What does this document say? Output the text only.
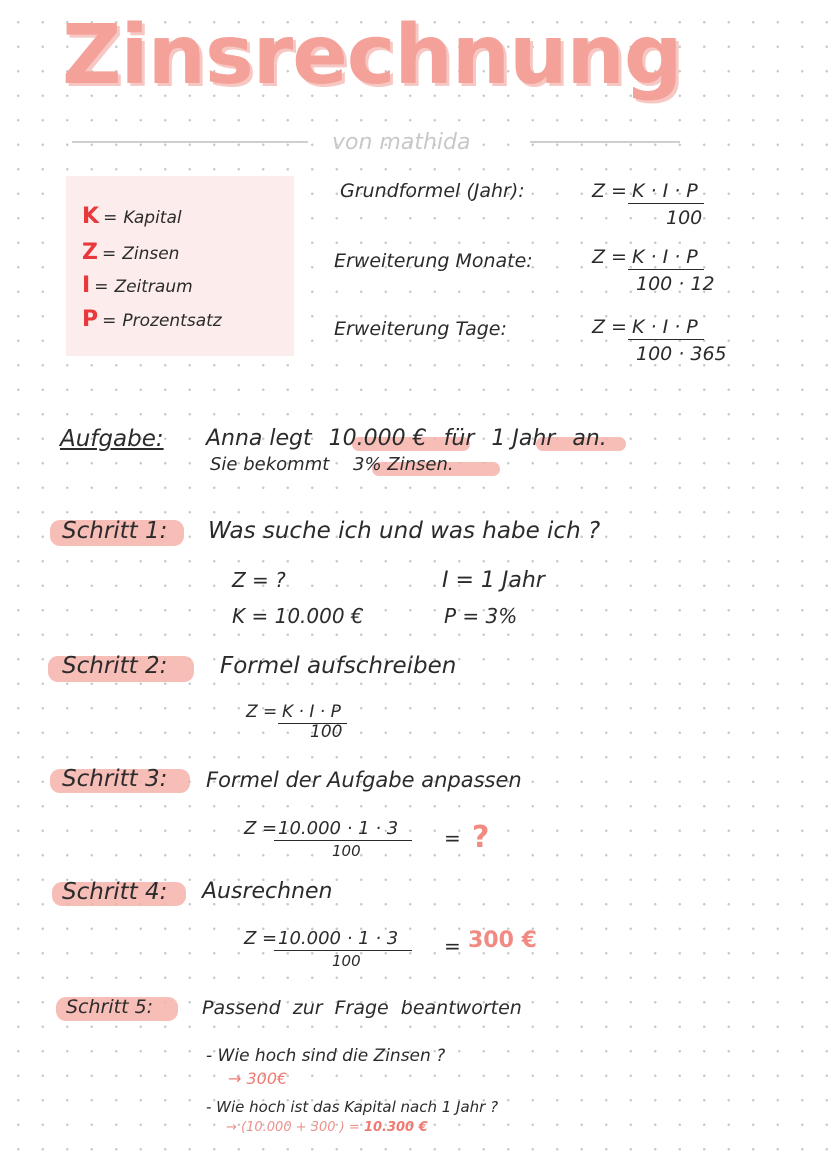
Zinsrechnung
von mathida
K = Kapital
Z = Zinsen
I = Zeitraum
P = Prozentsatz
Grundformel (Jahr):	Z = K · I · P
100
Erweiterung Monate:	Z = K · I · P
100 · 12
Erweiterung Tage:	Z = K · I · P
100 · 365
Aufgabe: Anna legt 10.000 € für 1 Jahr an.
Sie bekommt 3% Zinsen.
Schritt 1: Was suche ich und was habe ich ?
Z = ?
K = 10.000 €
I = 1 Jahr
P = 3%
Schritt 2: Formel aufschreiben
Z = K · I · P
100
Schritt 3: Formel der Aufgabe anpassen
Z = 10.000 · 1 · 3
100
= ?
Schritt 4: Ausrechnen
Z = 10.000 · 1 · 3
100
= 300 €
Schritt 5:	Passend zur Frage beantworten
- Wie hoch sind die Zinsen ?
→ 300€
- Wie hoch ist das Kapital nach 1 Jahr ?
→ (10.000 + 300 ) = 10.300 €
